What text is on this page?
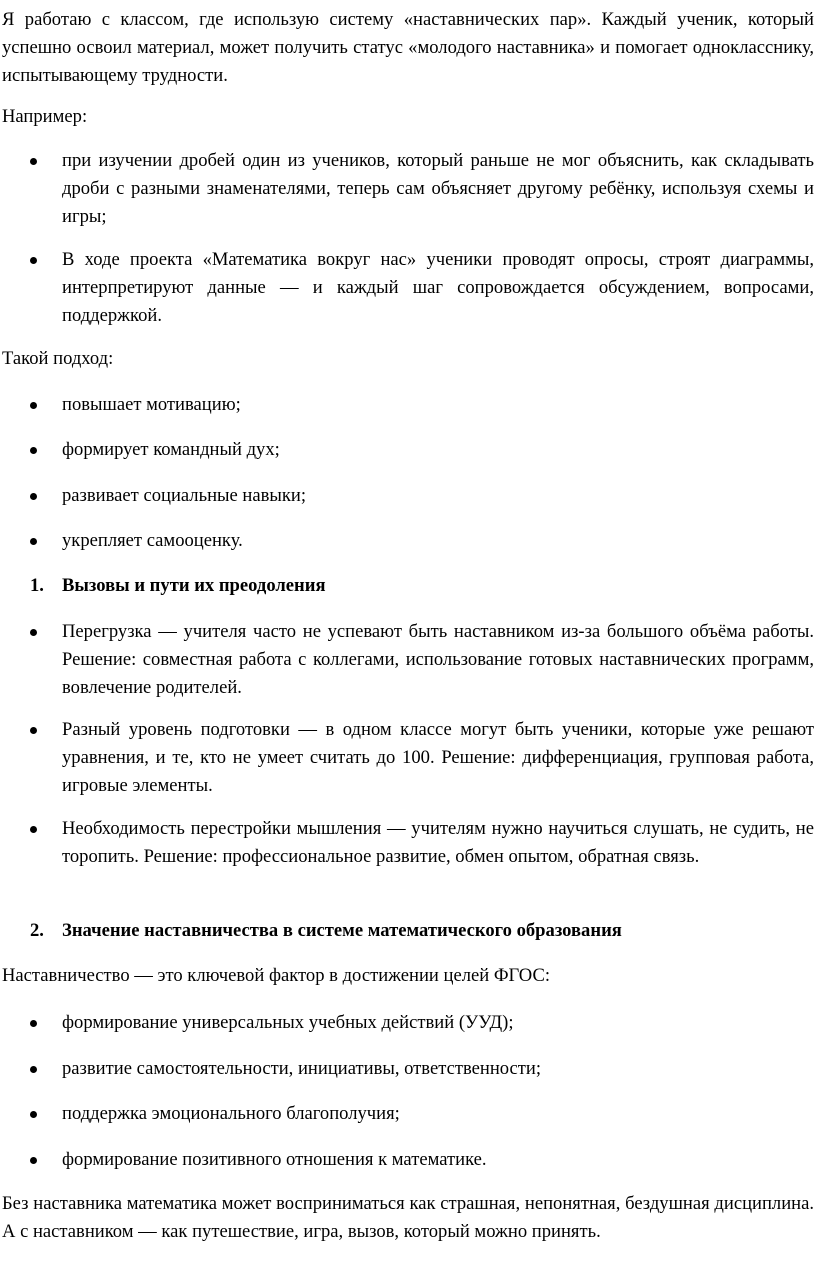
Я работаю с классом, где использую систему «наставнических пар». Каждый ученик, который успешно освоил материал, может получить статус «молодого наставника» и помогает однокласснику, испытывающему трудности.

Например:

при изучении дробей один из учеников, который раньше не мог объяснить, как складывать дроби с разными знаменателями, теперь сам объясняет другому ребёнку, используя схемы и игры;
В ходе проекта «Математика вокруг нас» ученики проводят опросы, строят диаграммы, интерпретируют данные — и каждый шаг сопровождается обсуждением, вопросами, поддержкой.

Такой подход:

повышает мотивацию;
формирует командный дух;
развивает социальные навыки;
укрепляет самооценку.
1. Вызовы и пути их преодоления
Перегрузка — учителя часто не успевают быть наставником из-за большого объёма работы. Решение: совместная работа с коллегами, использование готовых наставнических программ, вовлечение родителей.
Разный уровень подготовки — в одном классе могут быть ученики, которые уже решают уравнения, и те, кто не умеет считать до 100. Решение: дифференциация, групповая работа, игровые элементы.
Необходимость перестройки мышления — учителям нужно научиться слушать, не судить, не торопить. Решение: профессиональное развитие, обмен опытом, обратная связь.
2. Значение наставничества в системе математического образования

Наставничество — это ключевой фактор в достижении целей ФГОС:

формирование универсальных учебных действий (УУД);
развитие самостоятельности, инициативы, ответственности;
поддержка эмоционального благополучия;
формирование позитивного отношения к математике.

Без наставника математика может восприниматься как страшная, непонятная, бездушная дисциплина. А с наставником — как путешествие, игра, вызов, который можно принять.
